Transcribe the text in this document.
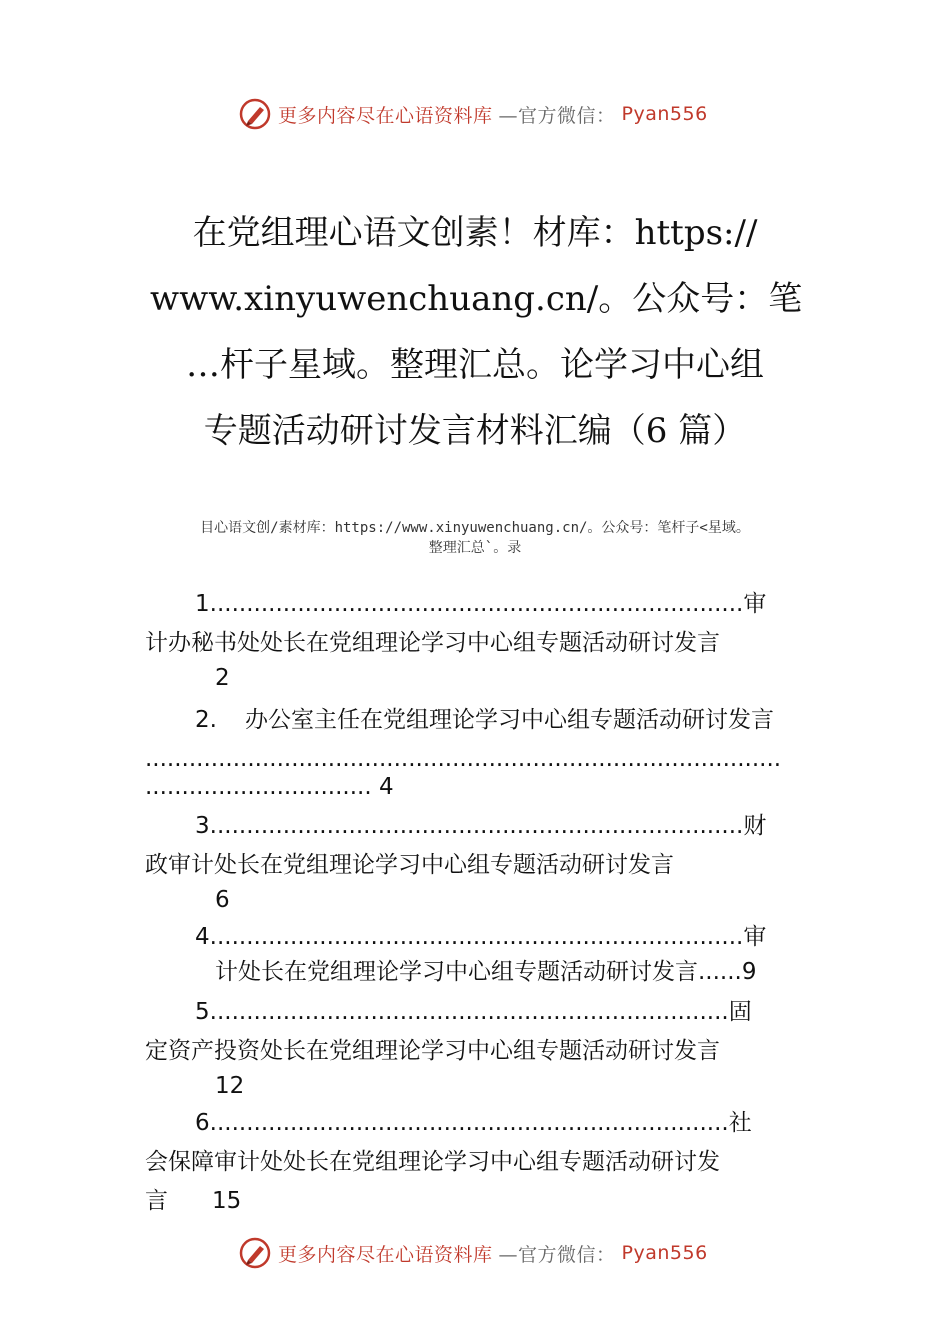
更多内容尽在心语资料库 —官方微信： Pyan556
在党组理心语文创素！材库：https://
www.xinyuwenchuang.cn/。公众号：笔
…杆子星域。整理汇总。论学习中心组
专题活动研讨发言材料汇编（6 篇）
目心语文创/素材库：https://www.xinyuwenchuang.cn/。公众号：笔杆子<星域。
整理汇总`。录
1.........................................................................审
计办秘书处处长在党组理论学习中心组专题活动研讨发言
2
2. 办公室主任在党组理论学习中心组专题活动研讨发言
.......................................................................................
............................... 4
3.........................................................................财
政审计处长在党组理论学习中心组专题活动研讨发言
6
4.........................................................................审
计处长在党组理论学习中心组专题活动研讨发言......9
5.......................................................................固
定资产投资处长在党组理论学习中心组专题活动研讨发言
12
6.......................................................................社
会保障审计处处长在党组理论学习中心组专题活动研讨发
言 15
更多内容尽在心语资料库 —官方微信： Pyan556
